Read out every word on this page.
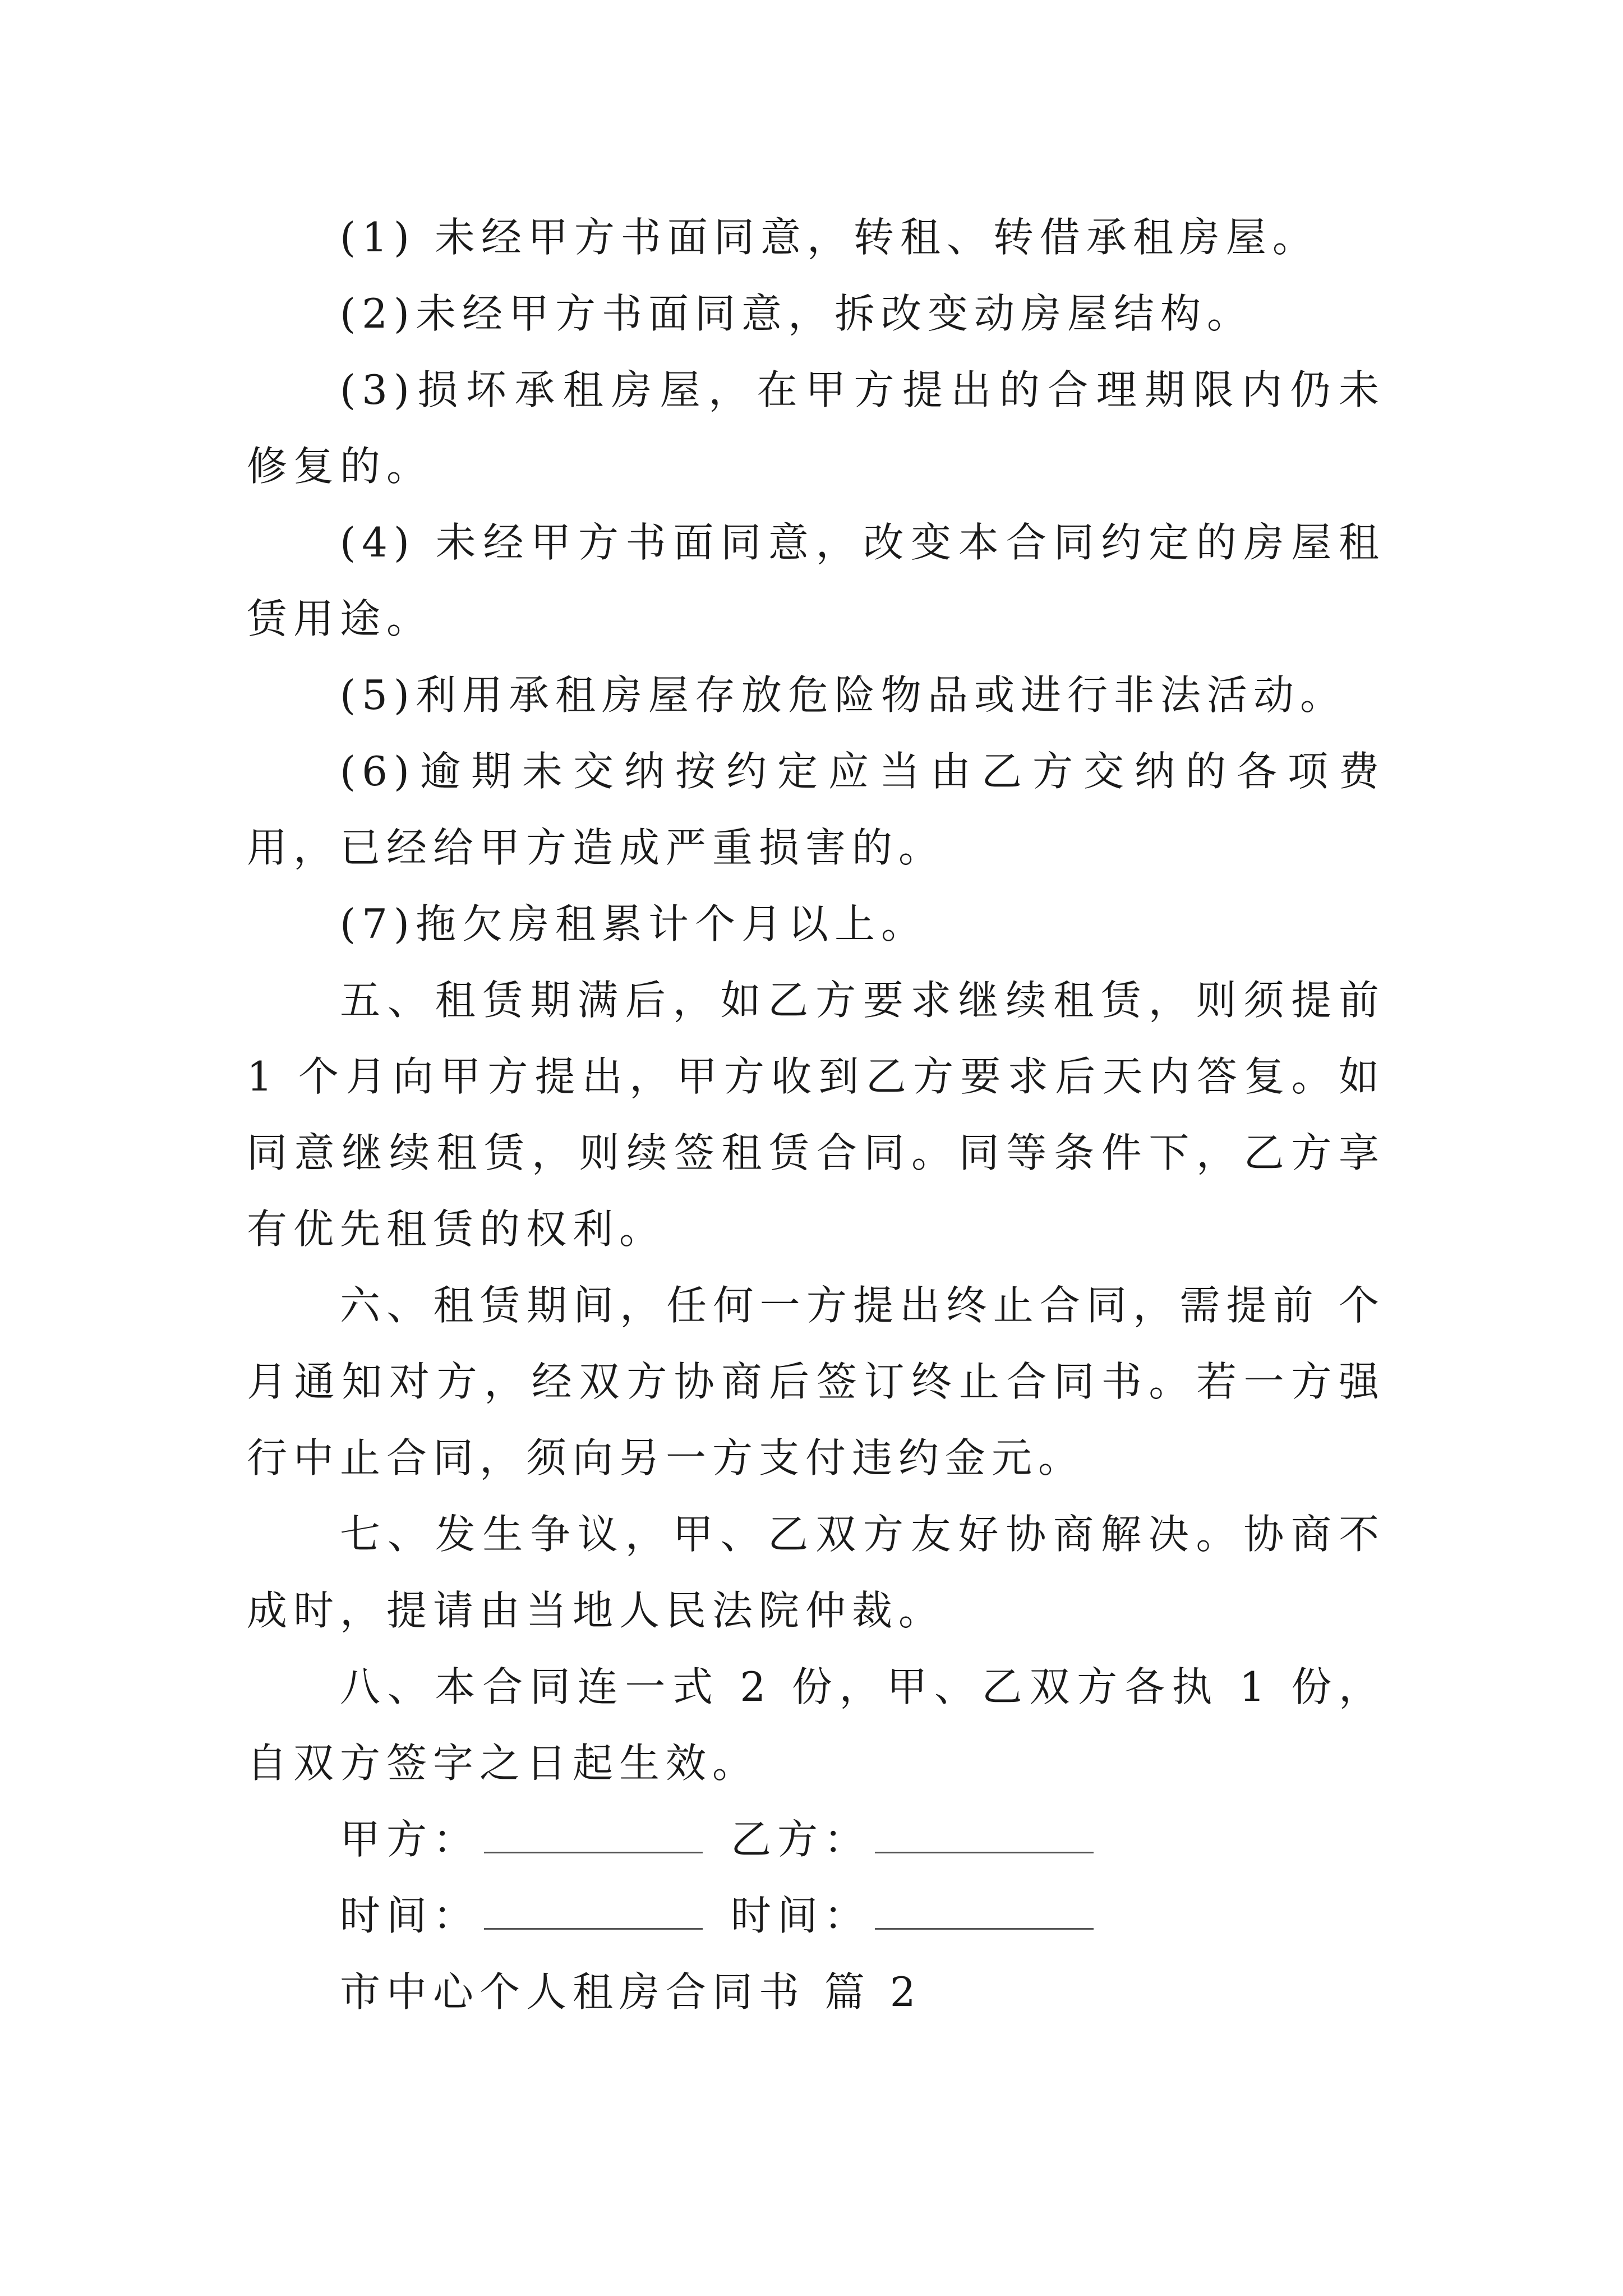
(1) 未经甲方书面同意，转租、转借承租房屋。

(2)未经甲方书面同意，拆改变动房屋结构。

(3)损坏承租房屋，在甲方提出的合理期限内仍未修复的。

(4) 未经甲方书面同意，改变本合同约定的房屋租赁用途。

(5)利用承租房屋存放危险物品或进行非法活动。

(6)逾期未交纳按约定应当由乙方交纳的各项费用，已经给甲方造成严重损害的。

(7)拖欠房租累计个月以上。

五、租赁期满后，如乙方要求继续租赁，则须提前 1 个月向甲方提出，甲方收到乙方要求后天内答复。如同意继续租赁，则续签租赁合同。同等条件下，乙方享有优先租赁的权利。

六、租赁期间，任何一方提出终止合同，需提前 个月通知对方，经双方协商后签订终止合同书。若一方强行中止合同，须向另一方支付违约金元。

七、发生争议，甲、乙双方友好协商解决。协商不成时，提请由当地人民法院仲裁。

八、本合同连一式 2 份，甲、乙双方各执 1 份，自双方签字之日起生效。

甲方：	乙方：

时间：	时间：

市中心个人租房合同书 篇 2
